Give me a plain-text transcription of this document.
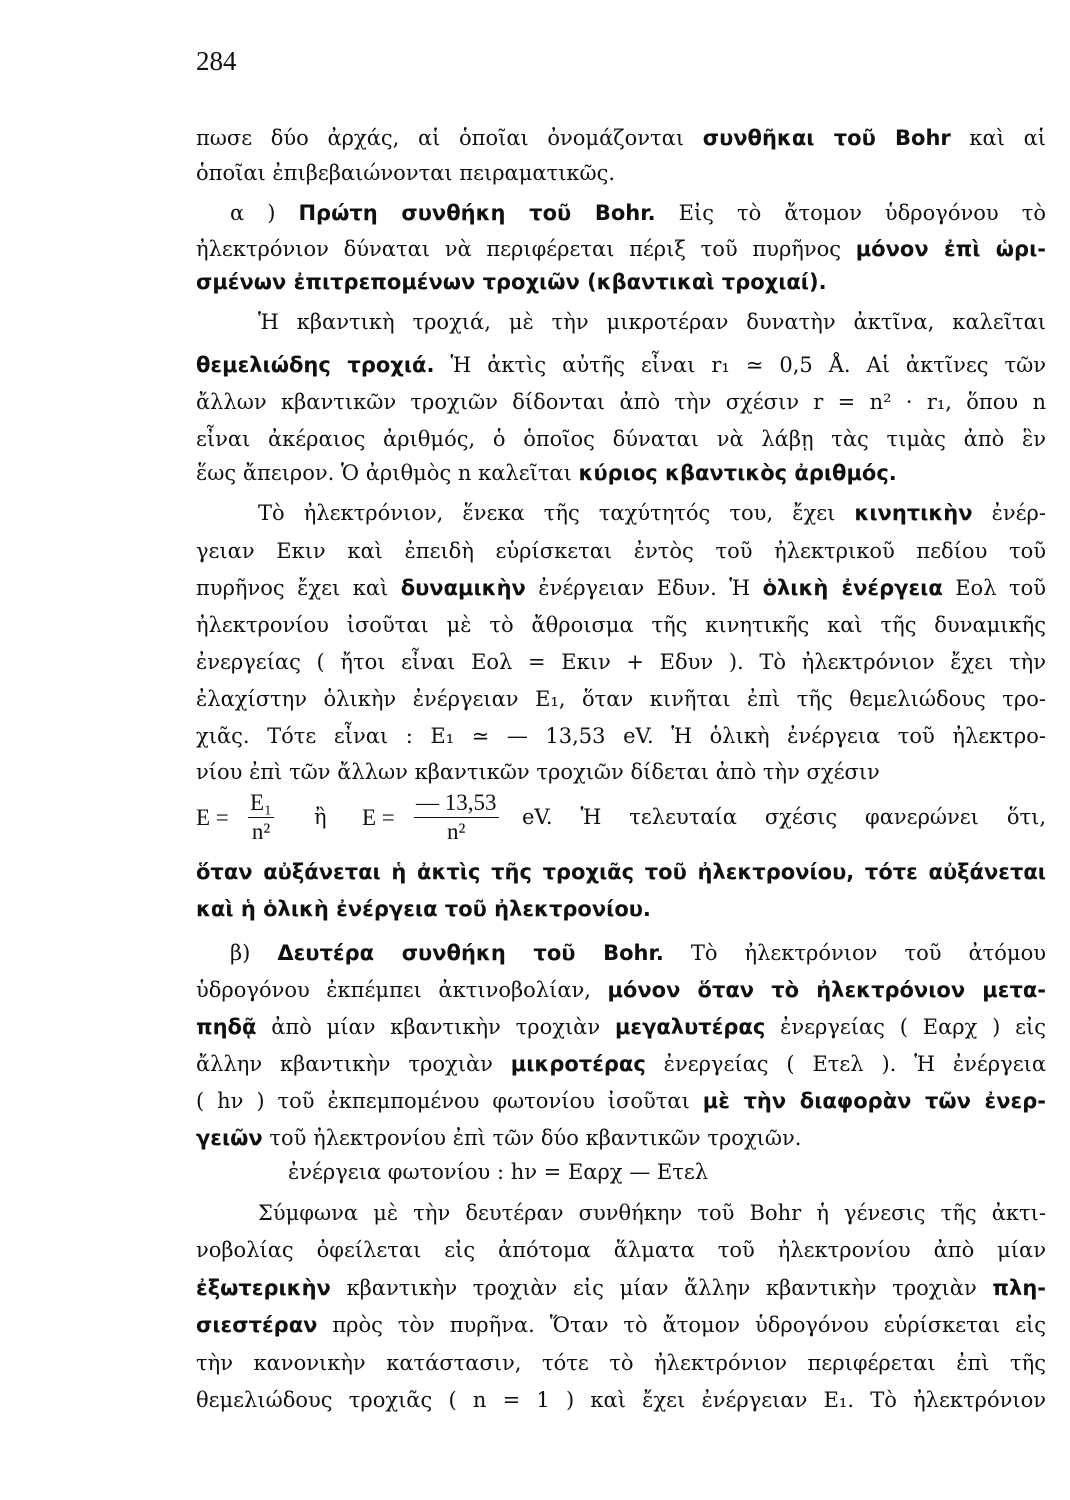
284
πωσε δύο ἀρχάς, αἱ ὁποῖαι ὀνομάζονται συνθῆκαι τοῦ Bohr καὶ αἱ
ὁποῖαι ἐπιβεβαιώνονται πειραματικῶς.
α ) Πρώτη συνθήκη τοῦ Bohr. Εἰς τὸ ἄτομον ὑδρογόνου τὸ
ἠλεκτρόνιον δύναται νὰ περιφέρεται πέριξ τοῦ πυρῆνος μόνον ἐπὶ ὡρι-
σμένων ἐπιτρεπομένων τροχιῶν (κβαντικαὶ τροχιαί).
Ἡ κβαντικὴ τροχιά, μὲ τὴν μικροτέραν δυνατὴν ἀκτῖνα, καλεῖται
θεμελιώδης τροχιά. Ἡ ἀκτὶς αὐτῆς εἶναι r₁ ≃ 0,5 Å. Αἱ ἀκτῖνες τῶν
ἄλλων κβαντικῶν τροχιῶν δίδονται ἀπὸ τὴν σχέσιν r = n² · r₁, ὅπου n
εἶναι ἀκέραιος ἀριθμός, ὁ ὁποῖος δύναται νὰ λάβῃ τὰς τιμὰς ἀπὸ ἓν
ἕως ἄπειρον. Ὁ ἀριθμὸς n καλεῖται κύριος κβαντικὸς ἀριθμός.
Τὸ ἠλεκτρόνιον, ἕνεκα τῆς ταχύτητός του, ἔχει κινητικὴν ἐνέρ-
γειαν Eκιν καὶ ἐπειδὴ εὑρίσκεται ἐντὸς τοῦ ἠλεκτρικοῦ πεδίου τοῦ
πυρῆνος ἔχει καὶ δυναμικὴν ἐνέργειαν Eδυν. Ἡ ὁλικὴ ἐνέργεια Eολ τοῦ
ἠλεκτρονίου ἰσοῦται μὲ τὸ ἄθροισμα τῆς κινητικῆς καὶ τῆς δυναμικῆς
ἐνεργείας ( ἤτοι εἶναι Eολ = Eκιν + Eδυν ). Τὸ ἠλεκτρόνιον ἔχει τὴν
ἐλαχίστην ὁλικὴν ἐνέργειαν E₁, ὅταν κινῆται ἐπὶ τῆς θεμελιώδους τρο-
χιᾶς. Τότε εἶναι : E₁ ≃ — 13,53 eV. Ἡ ὁλικὴ ἐνέργεια τοῦ ἠλεκτρο-
νίου ἐπὶ τῶν ἄλλων κβαντικῶν τροχιῶν δίδεται ἀπὸ τὴν σχέσιν
$E = \frac{\text{E₁}}{\text{n²}}$ ἢ $E = \frac{— 13,53}{\text{n²}}$ eV. Ἡ τελευταία σχέσις φανερώνει ὅτι,
ὅταν αὐξάνεται ἡ ἀκτὶς τῆς τροχιᾶς τοῦ ἠλεκτρονίου, τότε αὐξάνεται
καὶ ἡ ὁλικὴ ἐνέργεια τοῦ ἠλεκτρονίου.
β) Δευτέρα συνθήκη τοῦ Bohr. Τὸ ἠλεκτρόνιον τοῦ ἀτόμου
ὑδρογόνου ἐκπέμπει ἀκτινοβολίαν, μόνον ὅταν τὸ ἠλεκτρόνιον μετα-
πηδᾷ ἀπὸ μίαν κβαντικὴν τροχιὰν μεγαλυτέρας ἐνεργείας ( Eαρχ ) εἰς
ἄλλην κβαντικὴν τροχιὰν μικροτέρας ἐνεργείας ( Eτελ ). Ἡ ἐνέργεια
( hν ) τοῦ ἐκπεμπομένου φωτονίου ἰσοῦται μὲ τὴν διαφορὰν τῶν ἐνερ-
γειῶν τοῦ ἠλεκτρονίου ἐπὶ τῶν δύο κβαντικῶν τροχιῶν.
ἐνέργεια φωτονίου : hν = Eαρχ — Eτελ
Σύμφωνα μὲ τὴν δευτέραν συνθήκην τοῦ Bohr ἡ γένεσις τῆς ἀκτι-
νοβολίας ὀφείλεται εἰς ἀπότομα ἅλματα τοῦ ἠλεκτρονίου ἀπὸ μίαν
ἐξωτερικὴν κβαντικὴν τροχιὰν εἰς μίαν ἄλλην κβαντικὴν τροχιὰν πλη-
σιεστέραν πρὸς τὸν πυρῆνα. Ὅταν τὸ ἄτομον ὑδρογόνου εὑρίσκεται εἰς
τὴν κανονικὴν κατάστασιν, τότε τὸ ἠλεκτρόνιον περιφέρεται ἐπὶ τῆς
θεμελιώδους τροχιᾶς ( n = 1 ) καὶ ἔχει ἐνέργειαν E₁. Τὸ ἠλεκτρόνιον
